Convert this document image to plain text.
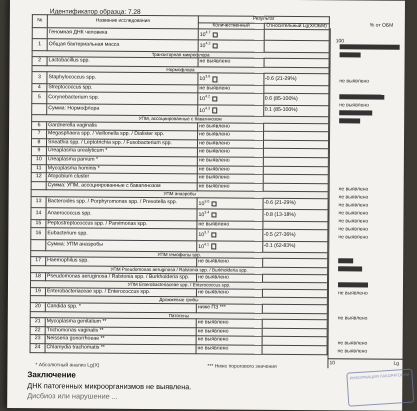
Идентификатор образца: 7.28
№	Название исследования	Результат	
		Количественный	Относительный Lg(X/ОБМ)
	Геномная ДНК человека	$10^{4.7}$	
1	Общая бактериальная масса	$10^{4.2}$	
Транзиторная микрофлора			
2	Lactobacillus spp.	не выявлено	
Нормофлора			
3	Staphylococcus spp.	$10^{3.6}$	-0.6 (21-29%)
4	Streptococcus spp.	не выявлено	
5	Corynebacterium spp.	$10^{4.2}$	0.6 (85-100%)
	Сумма: Нормофлора	$10^{4.3}$	0.1 (85-100%)
УПМ, ассоциированные с бавагинозом			
6	Gardnerella vaginalis	не выявлено	
7	Megasphaera spp. / Veillonella spp. / Dialister spp.	не выявлено	
8	Sneathia spp. / Leptotrichia spp. / Fusobacterium spp.	не выявлено	
9	Ureaplasma urealyticum *	не выявлено	
10	Ureaplasma parvum *	не выявлено	
11	Mycoplasma hominis *	не выявлено	
12	Atopobium cluster	не выявлено	
	Сумма: УПМ, ассоциированные с бавагинозом	не выявлено	
УПМ анаэробы			
13	Bacteroides spp. / Porphyromonas spp. / Prevotella spp.	$10^{3.6}$	-0.6 (21-29%)
14	Anaerococcus spp.	$10^{3.4}$	-0.8 (13-18%)
15	Peptostreptococcus spp. / Parvimonas spp.	не выявлено	
16	Eubacterium spp.	$10^{3.7}$	-0.5 (27-36%)
	Сумма: УПМ анаэробы	$10^{4.1}$	-0.1 (62-83%)
УПМ гемофилы spp.			
17	Haemophilus spp.	не выявлено	
УПМ Pseudomonas aeruginosa / Ralstonia spp. / Burkholderia spp.			
18	Pseudomonas aeruginosa / Ralstonia spp. / Burkholderia spp.	не выявлено	
УПМ Enterobacteriaceae spp. / Enterococcus spp.			
19	Enterobacteriaceae spp. / Enterococcus spp.	не выявлено	
Дрожжевые грибы			
20	Candida spp. *	ниже ПЗ ***	
Патогены			
21	Mycoplasma genitalium **	не выявлено	
22	Trichomonas vaginalis **	не выявлено	
23	Neisseria gonorrhoeae **	не выявлено	
24	Chlamydia trachomatis **	не выявлено	
100
% от ОБМ
10	Lg
не выявлено
не выявлено
не выявлено
не выявлено
не выявлено
не выявлено
не выявлено
не выявлено
не выявлено
не выявлено
не выявлено
не выявлено
не выявлено
* Абсолютный анализ Lg(X)	*** Ниже порогового значения
Заключение
ДНК патогенных микроорганизмов не выявлена.
Дисбиоз или нарушение ...
ИНФОРМАЦИЯ ЛАБОРАТОРИИ
